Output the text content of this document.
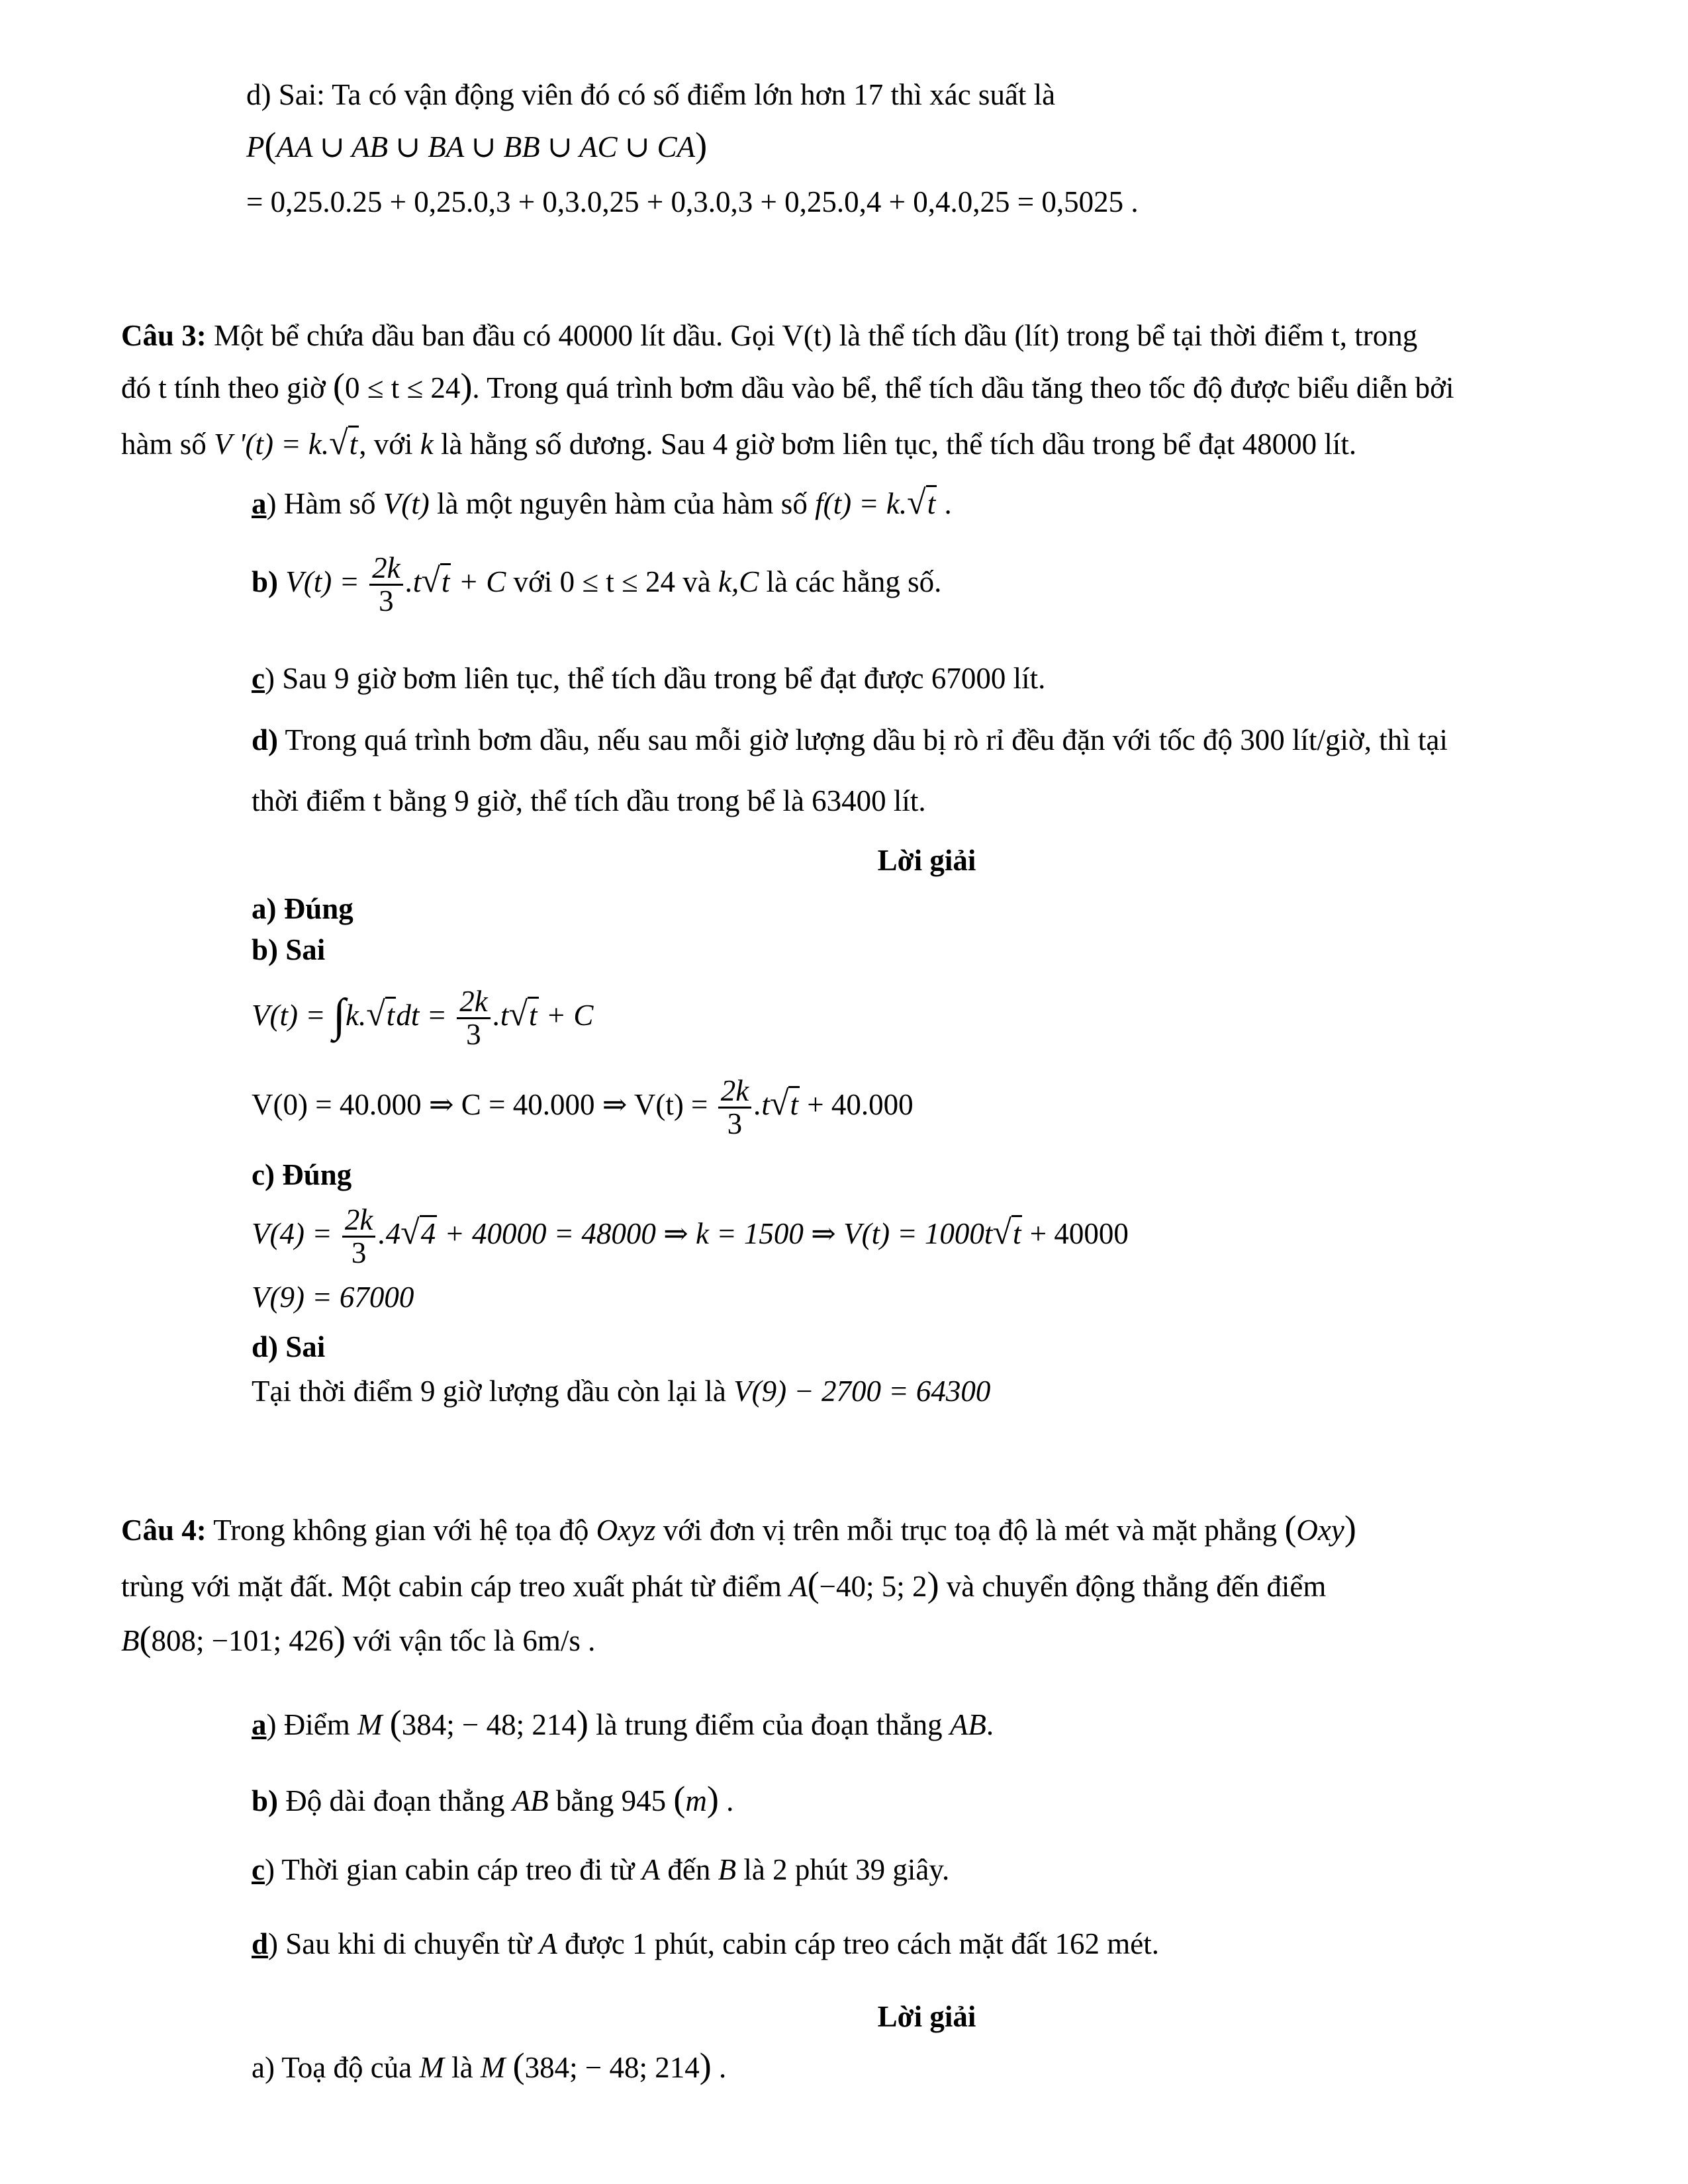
d) Sai: Ta có vận động viên đó có số điểm lớn hơn 17 thì xác suất là
P(AA ∪ AB ∪ BA ∪ BB ∪ AC ∪ CA)
= 0,25.0.25 + 0,25.0,3 + 0,3.0,25 + 0,3.0,3 + 0,25.0,4 + 0,4.0,25 = 0,5025 .
Câu 3: Một bể chứa dầu ban đầu có 40000 lít dầu. Gọi V(t) là thể tích dầu (lít) trong bể tại thời điểm t, trong
đó t tính theo giờ (0 ≤ t ≤ 24). Trong quá trình bơm dầu vào bể, thể tích dầu tăng theo tốc độ được biểu diễn bởi
hàm số V '(t) = k.√t, với k là hằng số dương. Sau 4 giờ bơm liên tục, thể tích dầu trong bể đạt 48000 lít.
a) Hàm số V(t) là một nguyên hàm của hàm số f(t) = k.√t .
b) $V(t) = \frac{2k}{3} .t√t + C$ với 0 ≤ t ≤ 24 và k,C là các hằng số.
c) Sau 9 giờ bơm liên tục, thể tích dầu trong bể đạt được 67000 lít.
d) Trong quá trình bơm dầu, nếu sau mỗi giờ lượng dầu bị rò rỉ đều đặn với tốc độ 300 lít/giờ, thì tại
thời điểm t bằng 9 giờ, thể tích dầu trong bể là 63400 lít.
Lời giải
a) Đúng
b) Sai
$V(t) = \int k.√tdt = \frac{2k}{3} .t√t + C$
V(0) = 40.000 ⇒ C = 40.000 ⇒ $V(t) = \frac{2k}{3} .t√t + 40.000$
c) Đúng
$V(4) = \frac{2k}{3} .4√4 + 40000 = 48000$ ⇒ k = 1500 ⇒ V(t) = 1000t√t + 40000
V(9) = 67000
d) Sai
Tại thời điểm 9 giờ lượng dầu còn lại là V(9) − 2700 = 64300
Câu 4: Trong không gian với hệ tọa độ Oxyz với đơn vị trên mỗi trục toạ độ là mét và mặt phẳng (Oxy)
trùng với mặt đất. Một cabin cáp treo xuất phát từ điểm A(−40; 5; 2) và chuyển động thẳng đến điểm
B(808; −101; 426) với vận tốc là 6m/s .
a) Điểm M (384; − 48; 214) là trung điểm của đoạn thẳng AB.
b) Độ dài đoạn thẳng AB bằng 945 (m) .
c) Thời gian cabin cáp treo đi từ A đến B là 2 phút 39 giây.
d) Sau khi di chuyển từ A được 1 phút, cabin cáp treo cách mặt đất 162 mét.
Lời giải
a) Toạ độ của M là M (384; − 48; 214) .
